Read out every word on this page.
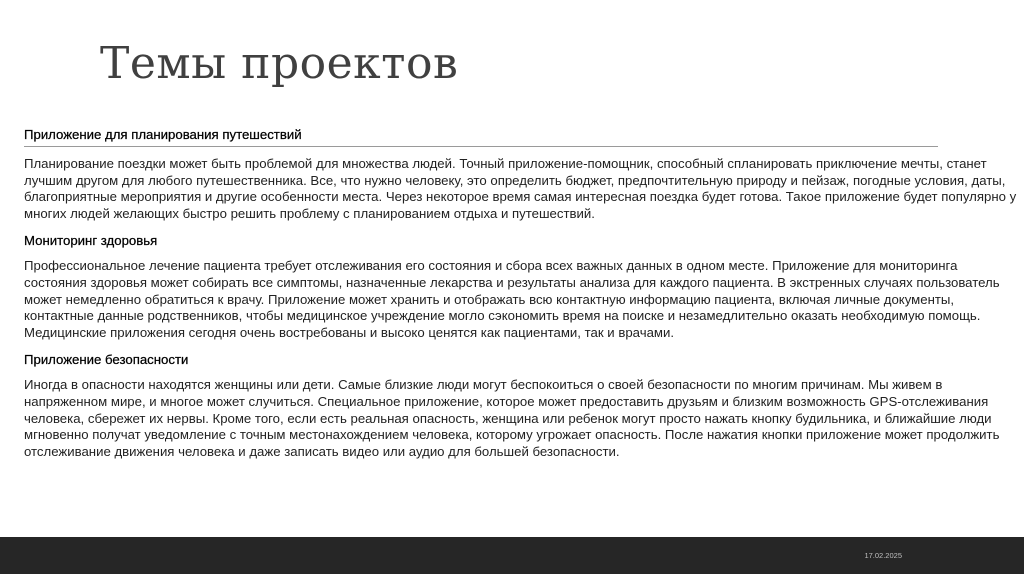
Темы проектов
Приложение для планирования путешествий

Планирование поездки может быть проблемой для множества людей. Точный приложение-помощник, способный спланировать приключение мечты, станет лучшим другом для любого путешественника. Все, что нужно человеку, это определить бюджет, предпочтительную природу и пейзаж, погодные условия, даты, благоприятные мероприятия и другие особенности места. Через некоторое время самая интересная поездка будет готова. Такое приложение будет популярно у многих людей желающих быстро решить проблему с планированием отдыха и путешествий.

Мониторинг здоровья

Профессиональное лечение пациента требует отслеживания его состояния и сбора всех важных данных в одном месте. Приложение для мониторинга состояния здоровья может собирать все симптомы, назначенные лекарства и результаты анализа для каждого пациента. В экстренных случаях пользователь может немедленно обратиться к врачу. Приложение может хранить и отображать всю контактную информацию пациента, включая личные документы, контактные данные родственников, чтобы медицинское учреждение могло сэкономить время на поиске и незамедлительно оказать необходимую помощь. Медицинские приложения сегодня очень востребованы и высоко ценятся как пациентами, так и врачами.

Приложение безопасности

Иногда в опасности находятся женщины или дети. Самые близкие люди могут беспокоиться о своей безопасности по многим причинам. Мы живем в напряженном мире, и многое может случиться. Специальное приложение, которое может предоставить друзьям и близким возможность GPS-отслеживания человека, сбережет их нервы. Кроме того, если есть реальная опасность, женщина или ребенок могут просто нажать кнопку будильника, и ближайшие люди мгновенно получат уведомление с точным местонахождением человека, которому угрожает опасность. После нажатия кнопки приложение может продолжить отслеживание движения человека и даже записать видео или аудио для большей безопасности.

17.02.2025
